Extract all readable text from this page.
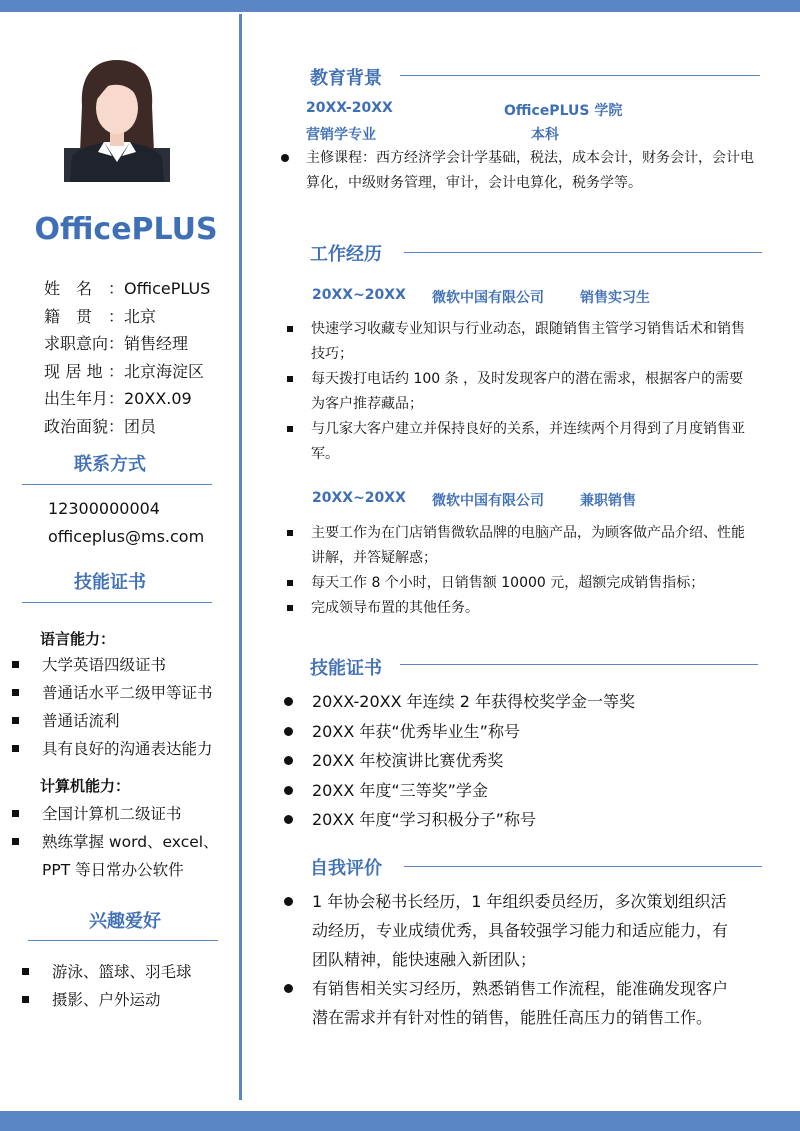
OfficePLUS
姓名： OfficePLUS
籍贯： 北京
求职意向： 销售经理
现居地： 北京海淀区
出生年月： 20XX.09
政治面貌： 团员
联系方式
12300000004
officeplus@ms.com
技能证书
语言能力：
大学英语四级证书
普通话水平二级甲等证书
普通话流利
具有良好的沟通表达能力
计算机能力：
全国计算机二级证书
熟练掌握 word、excel、PPT 等日常办公软件
兴趣爱好
游泳、篮球、羽毛球
摄影、户外运动
教育背景
20XX-20XX	OfficePLUS 学院
营销学专业	本科
主修课程：西方经济学会计学基础，税法，成本会计，财务会计，会计电算化，中级财务管理，审计，会计电算化，税务学等。
工作经历
20XX~20XX 微软中国有限公司	销售实习生
快速学习收藏专业知识与行业动态，跟随销售主管学习销售话术和销售技巧；
每天拨打电话约 100 条 ，及时发现客户的潜在需求，根据客户的需要为客户推荐藏品；
与几家大客户建立并保持良好的关系，并连续两个月得到了月度销售亚军。
20XX~20XX 微软中国有限公司	兼职销售
主要工作为在门店销售微软品牌的电脑产品，为顾客做产品介绍、性能讲解，并答疑解惑；
每天工作 8 个小时，日销售额 10000 元，超额完成销售指标；
完成领导布置的其他任务。
技能证书
20XX-20XX 年连续 2 年获得校奖学金一等奖
20XX 年获“优秀毕业生”称号
20XX 年校演讲比赛优秀奖
20XX 年度“三等奖”学金
20XX 年度“学习积极分子”称号
自我评价
1 年协会秘书长经历，1 年组织委员经历，多次策划组织活动经历，专业成绩优秀，具备较强学习能力和适应能力，有团队精神，能快速融入新团队；
有销售相关实习经历，熟悉销售工作流程，能准确发现客户潜在需求并有针对性的销售，能胜任高压力的销售工作。
